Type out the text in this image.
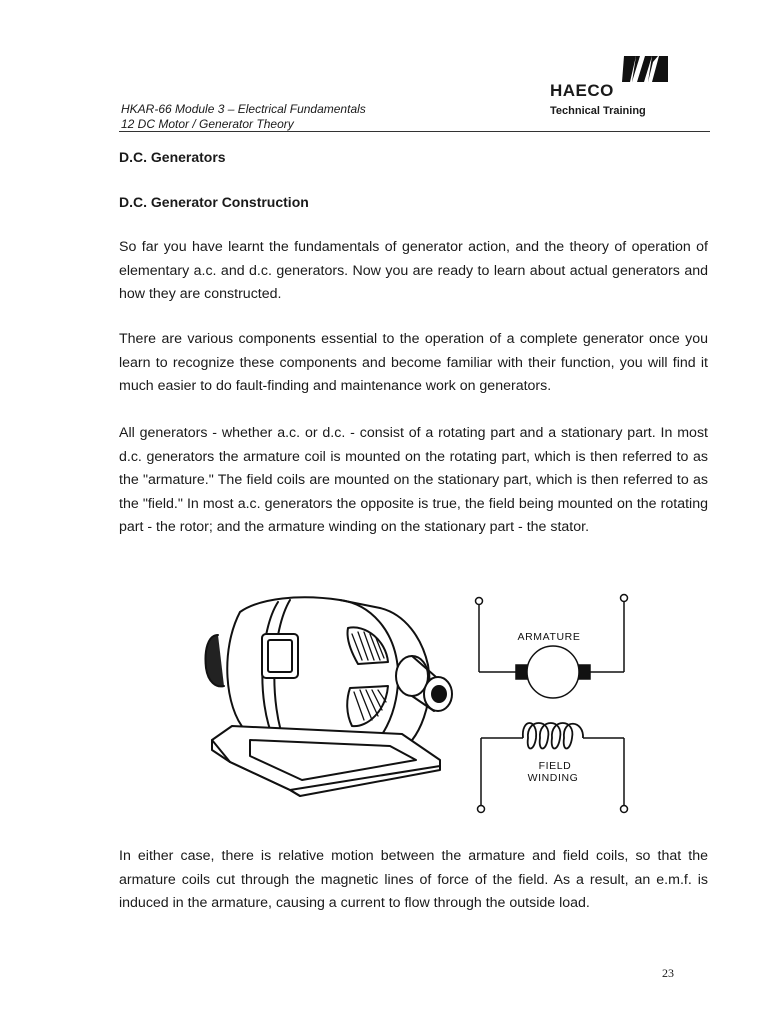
HKAR-66 Module 3 – Electrical Fundamentals
12 DC Motor / Generator Theory
HAECO
Technical Training
D.C. Generators
D.C. Generator Construction

So far you have learnt the fundamentals of generator action, and the theory of operation of elementary a.c. and d.c. generators. Now you are ready to learn about actual generators and how they are constructed.

There are various components essential to the operation of a complete generator once you learn to recognize these components and become familiar with their function, you will find it much easier to do fault-finding and maintenance work on generators.

All generators - whether a.c. or d.c. - consist of a rotating part and a stationary part. In most d.c. generators the armature coil is mounted on the rotating part, which is then referred to as the "armature." The field coils are mounted on the stationary part, which is then referred to as the "field." In most a.c. generators the opposite is true, the field being mounted on the rotating part - the rotor; and the armature winding on the stationary part - the stator.

ARMATURE
FIELD
WINDING

In either case, there is relative motion between the armature and field coils, so that the armature coils cut through the magnetic lines of force of the field. As a result, an e.m.f. is induced in the armature, causing a current to flow through the outside load.

23
